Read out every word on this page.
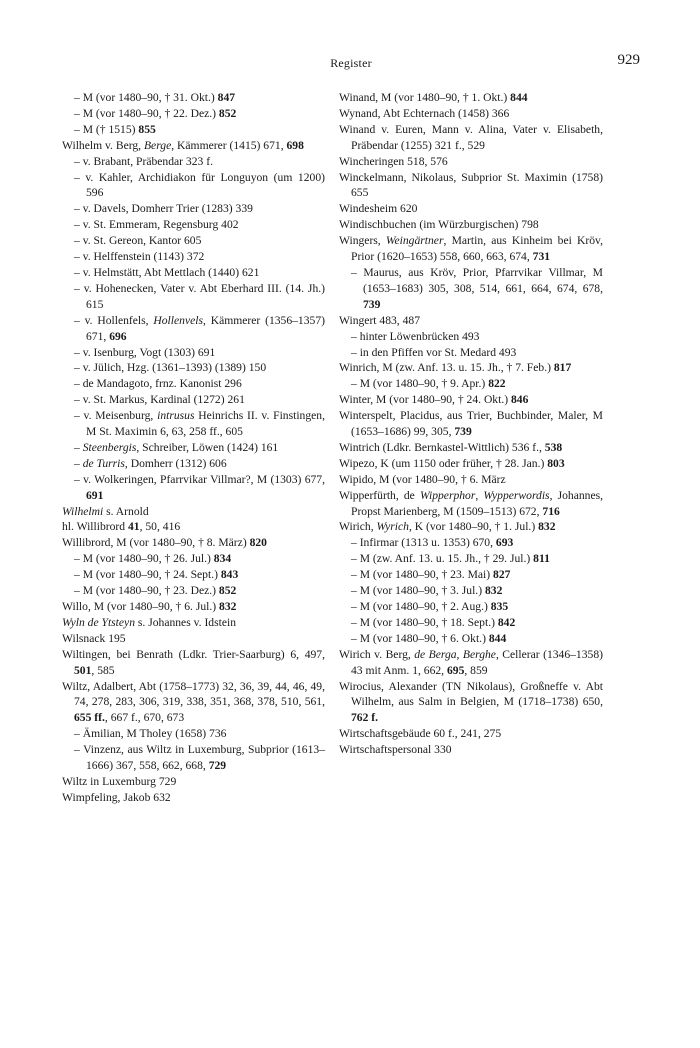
Register	929

– M (vor 1480–90, † 31. Okt.) 847

– M (vor 1480–90, † 22. Dez.) 852

– M († 1515) 855

Wilhelm v. Berg, Berge, Kämmerer (1415) 671, 698

– v. Brabant, Präbendar 323 f.

– v. Kahler, Archidiakon für Longuyon (um 1200) 596

– v. Davels, Domherr Trier (1283) 339

– v. St. Emmeram, Regensburg 402

– v. St. Gereon, Kantor 605

– v. Helffenstein (1143) 372

– v. Helmstätt, Abt Mettlach (1440) 621

– v. Hohenecken, Vater v. Abt Eberhard III. (14. Jh.) 615

– v. Hollenfels, Hollenvels, Kämmerer (1356–1357) 671, 696

– v. Isenburg, Vogt (1303) 691

– v. Jülich, Hzg. (1361–1393) (1389) 150

– de Mandagoto, frnz. Kanonist 296

– v. St. Markus, Kardinal (1272) 261

– v. Meisenburg, intrusus Heinrichs II. v. Finstingen, M St. Maximin 6, 63, 258 ff., 605

– Steenbergis, Schreiber, Löwen (1424) 161

– de Turris, Domherr (1312) 606

– v. Wolkeringen, Pfarrvikar Villmar?, M (1303) 677, 691

Wilhelmi s. Arnold

hl. Willibrord 41, 50, 416

Willibrord, M (vor 1480–90, † 8. März) 820

– M (vor 1480–90, † 26. Jul.) 834

– M (vor 1480–90, † 24. Sept.) 843

– M (vor 1480–90, † 23. Dez.) 852

Willo, M (vor 1480–90, † 6. Jul.) 832

Wyln de Ytsteyn s. Johannes v. Idstein

Wilsnack 195

Wiltingen, bei Benrath (Ldkr. Trier-Saarburg) 6, 497, 501, 585

Wiltz, Adalbert, Abt (1758–1773) 32, 36, 39, 44, 46, 49, 74, 278, 283, 306, 319, 338, 351, 368, 378, 510, 561, 655 ff., 667 f., 670, 673

– Ämilian, M Tholey (1658) 736

– Vinzenz, aus Wiltz in Luxemburg, Subprior (1613–1666) 367, 558, 662, 668, 729

Wiltz in Luxemburg 729

Wimpfeling, Jakob 632

Winand, M (vor 1480–90, † 1. Okt.) 844

Wynand, Abt Echternach (1458) 366

Winand v. Euren, Mann v. Alina, Vater v. Elisabeth, Präbendar (1255) 321 f., 529

Wincheringen 518, 576

Winckelmann, Nikolaus, Subprior St. Maximin (1758) 655

Windesheim 620

Windischbuchen (im Würzburgischen) 798

Wingers, Weingärtner, Martin, aus Kinheim bei Kröv, Prior (1620–1653) 558, 660, 663, 674, 731

– Maurus, aus Kröv, Prior, Pfarrvikar Villmar, M (1653–1683) 305, 308, 514, 661, 664, 674, 678, 739

Wingert 483, 487

– hinter Löwenbrücken 493

– in den Pfiffen vor St. Medard 493

Winrich, M (zw. Anf. 13. u. 15. Jh., † 7. Feb.) 817

– M (vor 1480–90, † 9. Apr.) 822

Winter, M (vor 1480–90, † 24. Okt.) 846

Winterspelt, Placidus, aus Trier, Buchbinder, Maler, M (1653–1686) 99, 305, 739

Wintrich (Ldkr. Bernkastel-Wittlich) 536 f., 538

Wipezo, K (um 1150 oder früher, † 28. Jan.) 803

Wipido, M (vor 1480–90, † 6. März

Wipperfürth, de Wipperphor, Wypperwordis, Johannes, Propst Marienberg, M (1509–1513) 672, 716

Wirich, Wyrich, K (vor 1480–90, † 1. Jul.) 832

– Infirmar (1313 u. 1353) 670, 693

– M (zw. Anf. 13. u. 15. Jh., † 29. Jul.) 811

– M (vor 1480–90, † 23. Mai) 827

– M (vor 1480–90, † 3. Jul.) 832

– M (vor 1480–90, † 2. Aug.) 835

– M (vor 1480–90, † 18. Sept.) 842

– M (vor 1480–90, † 6. Okt.) 844

Wirich v. Berg, de Berga, Berghe, Cellerar (1346–1358) 43 mit Anm. 1, 662, 695, 859

Wirocius, Alexander (TN Nikolaus), Großneffe v. Abt Wilhelm, aus Salm in Belgien, M (1718–1738) 650, 762 f.

Wirtschaftsgebäude 60 f., 241, 275

Wirtschaftspersonal 330
